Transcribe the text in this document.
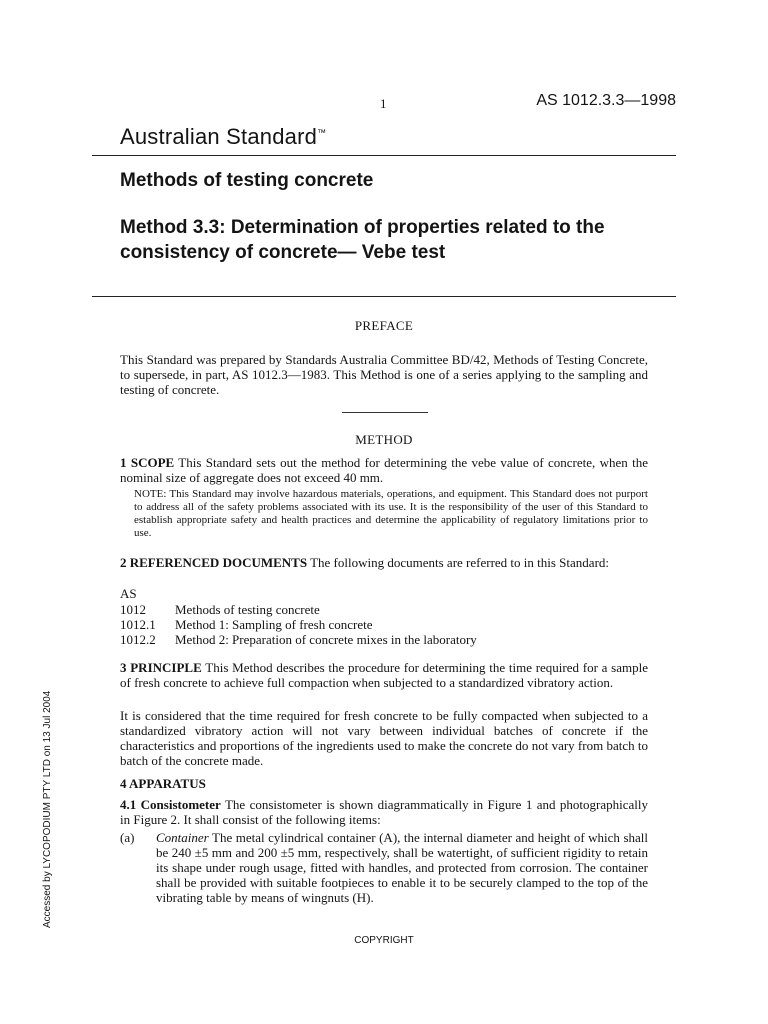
1	AS 1012.3.3—1998
Australian Standard™
Methods of testing concrete
Method 3.3: Determination of properties related to the consistency of concrete— Vebe test
PREFACE
This Standard was prepared by Standards Australia Committee BD/42, Methods of Testing Concrete, to supersede, in part, AS 1012.3—1983. This Method is one of a series applying to the sampling and testing of concrete.
METHOD
1 SCOPE This Standard sets out the method for determining the vebe value of concrete, when the nominal size of aggregate does not exceed 40 mm.
NOTE: This Standard may involve hazardous materials, operations, and equipment. This Standard does not purport to address all of the safety problems associated with its use. It is the responsibility of the user of this Standard to establish appropriate safety and health practices and determine the applicability of regulatory limitations prior to use.
2 REFERENCED DOCUMENTS The following documents are referred to in this Standard:
AS
1012	Methods of testing concrete
1012.1	Method 1: Sampling of fresh concrete
1012.2	Method 2: Preparation of concrete mixes in the laboratory
3 PRINCIPLE This Method describes the procedure for determining the time required for a sample of fresh concrete to achieve full compaction when subjected to a standardized vibratory action.
It is considered that the time required for fresh concrete to be fully compacted when subjected to a standardized vibratory action will not vary between individual batches of concrete if the characteristics and proportions of the ingredients used to make the concrete do not vary from batch to batch of the concrete made.
4 APPARATUS
4.1 Consistometer The consistometer is shown diagrammatically in Figure 1 and photographically in Figure 2. It shall consist of the following items:
(a) Container The metal cylindrical container (A), the internal diameter and height of which shall be 240 ±5 mm and 200 ±5 mm, respectively, shall be watertight, of sufficient rigidity to retain its shape under rough usage, fitted with handles, and protected from corrosion. The container shall be provided with suitable footpieces to enable it to be securely clamped to the top of the vibrating table by means of wingnuts (H).
COPYRIGHT
Accessed by LYCOPODIUM PTY LTD on 13 Jul 2004
